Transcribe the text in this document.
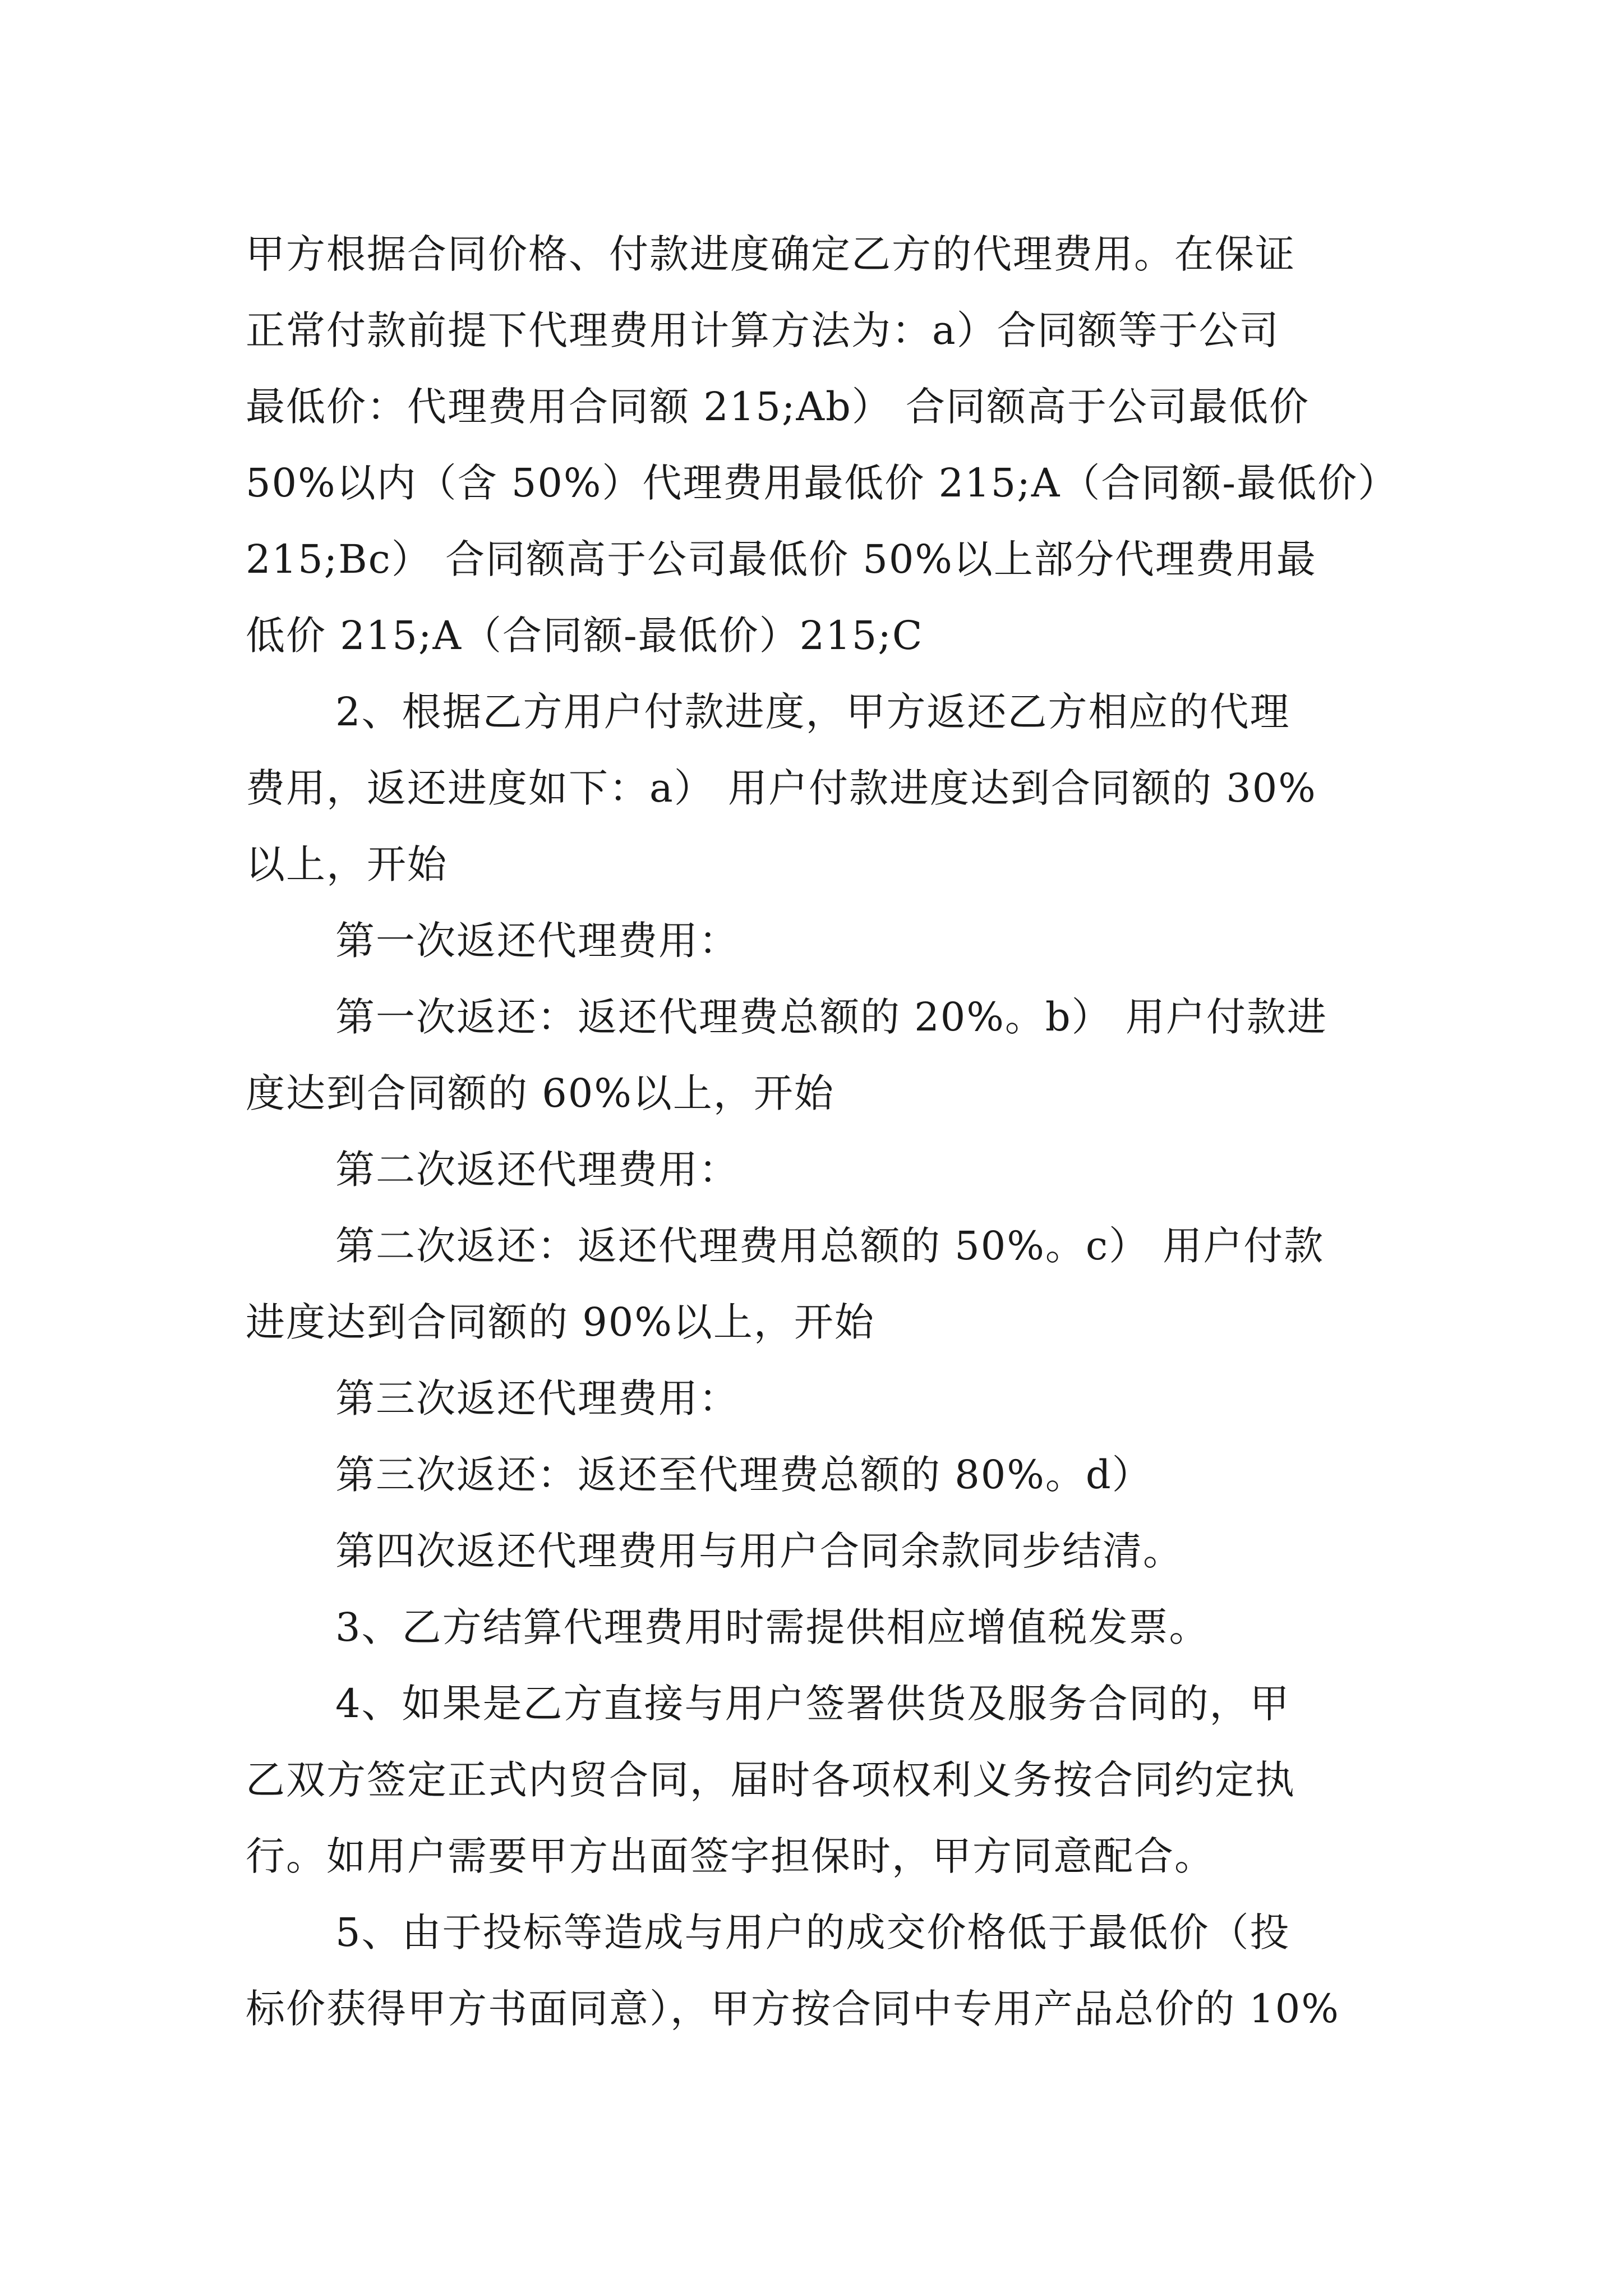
甲方根据合同价格、付款进度确定乙方的代理费用。在保证
正常付款前提下代理费用计算方法为：a）合同额等于公司
最低价：代理费用合同额 215;Ab） 合同额高于公司最低价
50%以内（含 50%）代理费用最低价 215;A（合同额-最低价）
215;Bc） 合同额高于公司最低价 50%以上部分代理费用最
低价 215;A（合同额-最低价）215;C
2、根据乙方用户付款进度，甲方返还乙方相应的代理
费用，返还进度如下：a） 用户付款进度达到合同额的 30%
以上，开始
第一次返还代理费用：
第一次返还：返还代理费总额的 20%。b） 用户付款进
度达到合同额的 60%以上，开始
第二次返还代理费用：
第二次返还：返还代理费用总额的 50%。c） 用户付款
进度达到合同额的 90%以上，开始
第三次返还代理费用：
第三次返还：返还至代理费总额的 80%。d）
第四次返还代理费用与用户合同余款同步结清。
3、乙方结算代理费用时需提供相应增值税发票。
4、如果是乙方直接与用户签署供货及服务合同的，甲
乙双方签定正式内贸合同，届时各项权利义务按合同约定执
行。如用户需要甲方出面签字担保时，甲方同意配合。
5、由于投标等造成与用户的成交价格低于最低价（投
标价获得甲方书面同意），甲方按合同中专用产品总价的 10%
